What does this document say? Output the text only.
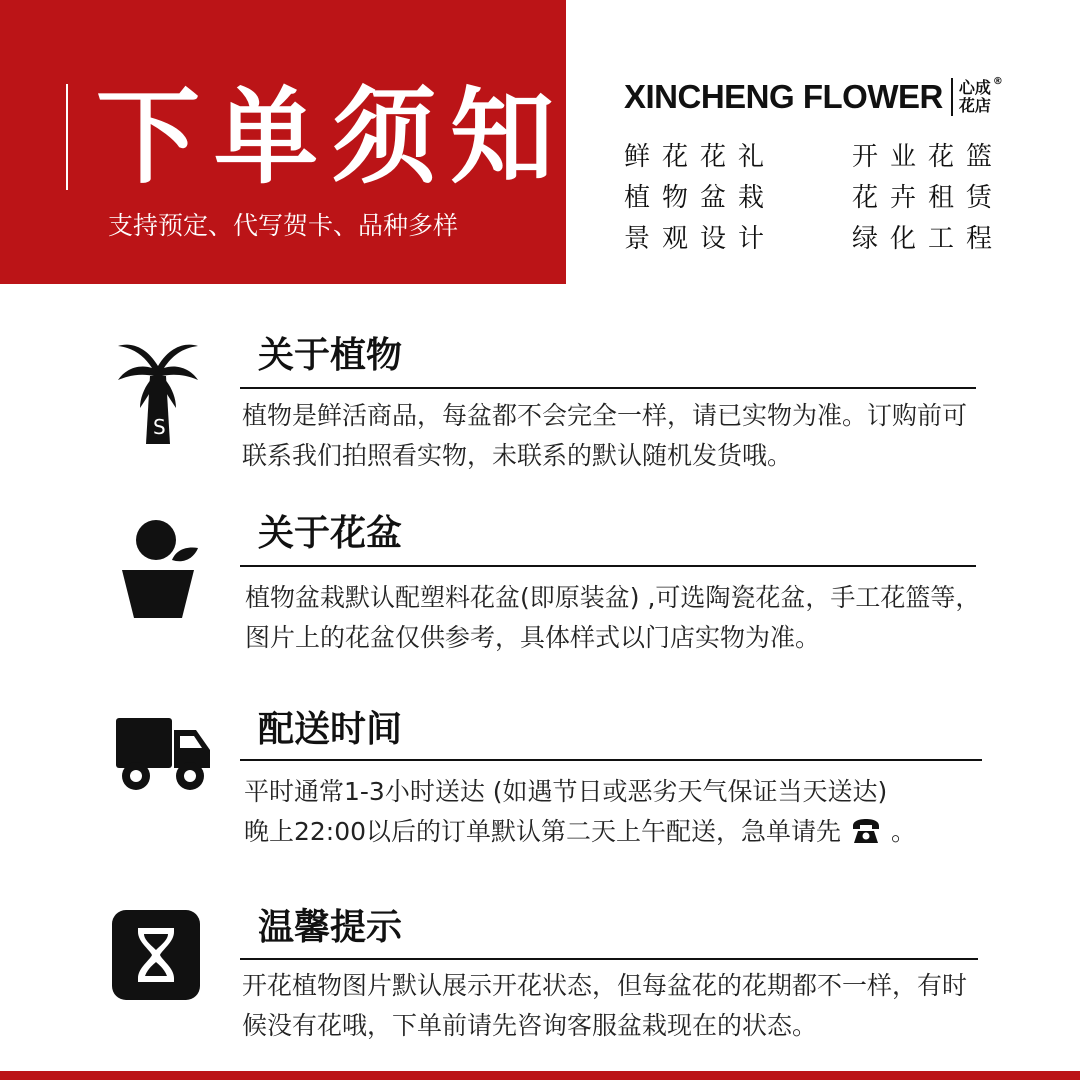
下单须知
支持预定、代写贺卡、品种多样
XINCHENG FLOWER 心成花店
®
鲜花花礼	开业花篮
植物盆栽	花卉租赁
景观设计	绿化工程
S
关于植物
植物是鲜活商品，每盆都不会完全一样，请已实物为准。订购前可联系我们拍照看实物，未联系的默认随机发货哦。
关于花盆
植物盆栽默认配塑料花盆(即原装盆) ,可选陶瓷花盆，手工花篮等，图片上的花盆仅供参考，具体样式以门店实物为准。
配送时间
平时通常1-3小时送达 (如遇节日或恶劣天气保证当天送达)
晚上22:00以后的订单默认第二天上午配送，急单请先 。
温馨提示
开花植物图片默认展示开花状态，但每盆花的花期都不一样，有时候没有花哦，下单前请先咨询客服盆栽现在的状态。
